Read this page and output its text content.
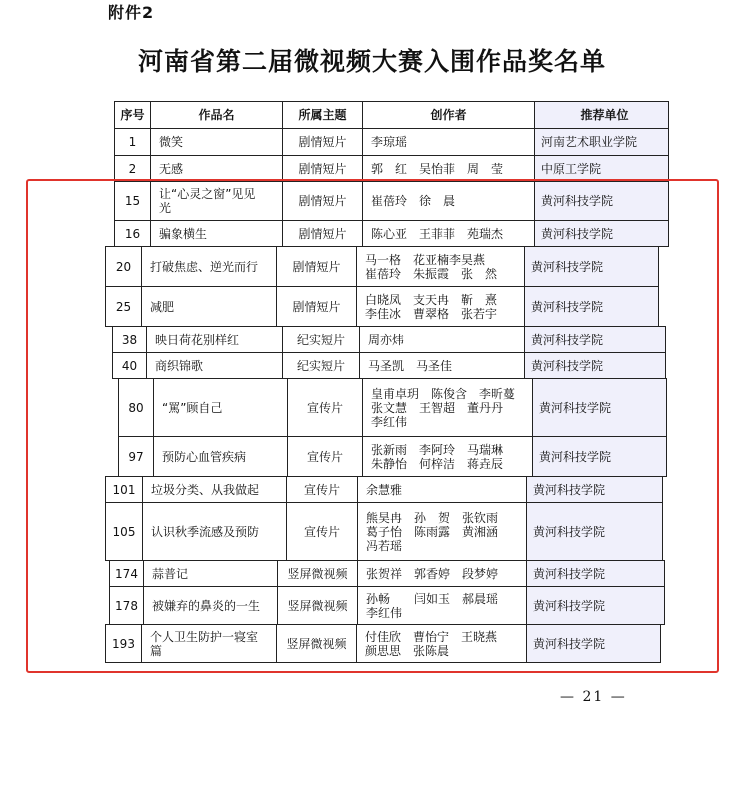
附件2
河南省第二届微视频大赛入围作品奖名单
序号	作品名	所属主题	创作者	推荐单位
1 微笑	剧情短片 李琼瑶	河南艺术职业学院
2 无感	剧情短片 郭　红　吴怡菲　周　莹	中原工学院
15 让“心灵之窗”见见
光	剧情短片 崔蓓玲　徐　晨	黄河科技学院
16 骗象横生	剧情短片 陈心亚　王菲菲　苑瑞杰	黄河科技学院
20 打破焦虑、逆光而行	剧情短片 马一格　花亚楠李昊燕
崔蓓玲　朱振霞　张　然	黄河科技学院
25 减肥	剧情短片 白晓凤　支天冉　靳　熹
李佳冰　曹翠格　张若宇	黄河科技学院
38 映日荷花别样红	纪实短片 周亦炜	黄河科技学院
40 商织锦歌	纪实短片 马圣凯　马圣佳	黄河科技学院
80 “罵”顾自己	宣传片
皇甫卓玥　陈俊含　李昕蔓
张文慧　王智超　董丹丹
李红伟
黄河科技学院
97 预防心血管疾病	宣传片 张新雨　李阿玲　马瑞琳
朱静怡　何梓洁　蒋垚辰	黄河科技学院
101 垃圾分类、从我做起	宣传片 余慧雅	黄河科技学院
105 认识秋季流感及预防	宣传片
熊昊冉　孙　贺　张钦雨
葛子怡　陈雨露　黄湘涵
冯若瑶
黄河科技学院
174 蒜普记	竖屏微视频 张贺祥　郭香婷　段梦婷	黄河科技学院
178 被嫌弃的鼻炎的一生 竖屏微视频 孙畅　　闫如玉　郝晨瑶
李红伟	黄河科技学院
193 个人卫生防护一寝室
篇	竖屏微视频 付佳欣　曹怡宁　王晓燕
颜思思　张陈晨	黄河科技学院
— 21 —
